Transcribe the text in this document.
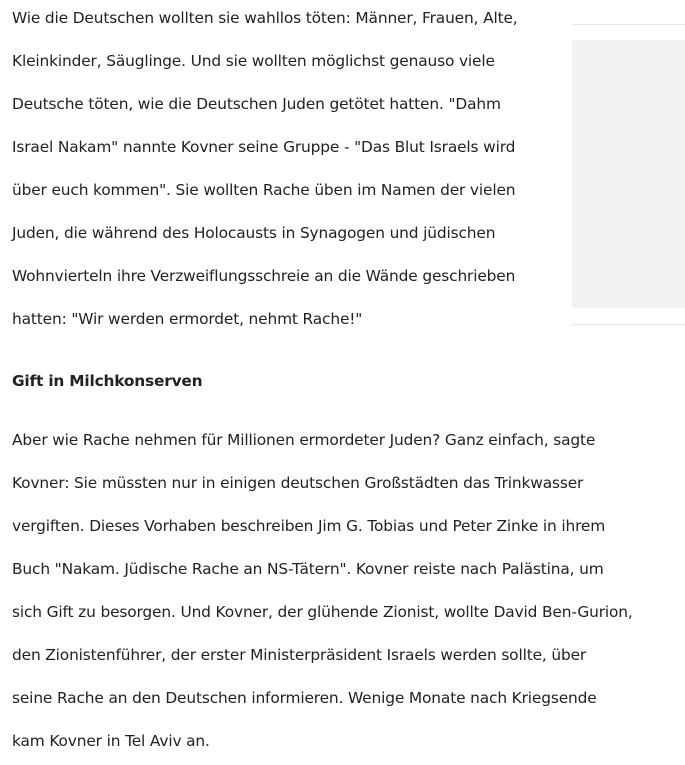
Wie die Deutschen wollten sie wahllos töten: Männer, Frauen, Alte,
Kleinkinder, Säuglinge. Und sie wollten möglichst genauso viele
Deutsche töten, wie die Deutschen Juden getötet hatten. "Dahm
Israel Nakam" nannte Kovner seine Gruppe - "Das Blut Israels wird
über euch kommen". Sie wollten Rache üben im Namen der vielen
Juden, die während des Holocausts in Synagogen und jüdischen
Wohnvierteln ihre Verzweiflungsschreie an die Wände geschrieben
hatten: "Wir werden ermordet, nehmt Rache!"

Gift in Milchkonserven

Aber wie Rache nehmen für Millionen ermordeter Juden? Ganz einfach, sagte
Kovner: Sie müssten nur in einigen deutschen Großstädten das Trinkwasser
vergiften. Dieses Vorhaben beschreiben Jim G. Tobias und Peter Zinke in ihrem
Buch "Nakam. Jüdische Rache an NS-Tätern". Kovner reiste nach Palästina, um
sich Gift zu besorgen. Und Kovner, der glühende Zionist, wollte David Ben-Gurion,
den Zionistenführer, der erster Ministerpräsident Israels werden sollte, über
seine Rache an den Deutschen informieren. Wenige Monate nach Kriegsende
kam Kovner in Tel Aviv an.
